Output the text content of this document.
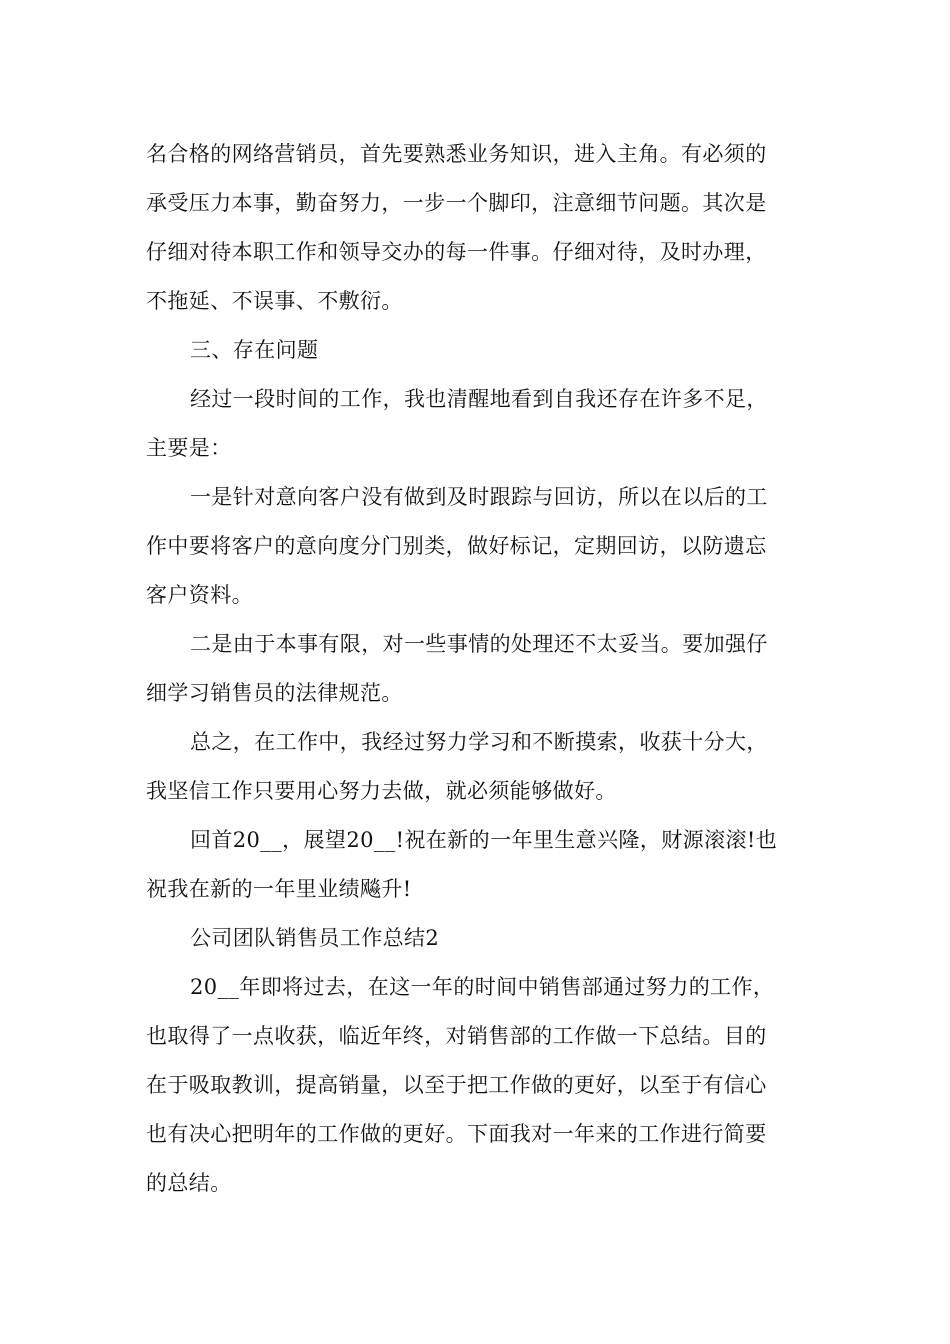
名合格的网络营销员，首先要熟悉业务知识，进入主角。有必须的
承受压力本事，勤奋努力，一步一个脚印，注意细节问题。其次是
仔细对待本职工作和领导交办的每一件事。仔细对待，及时办理，
不拖延、不误事、不敷衍。
三、存在问题
经过一段时间的工作，我也清醒地看到自我还存在许多不足，
主要是：
一是针对意向客户没有做到及时跟踪与回访，所以在以后的工
作中要将客户的意向度分门别类，做好标记，定期回访，以防遗忘
客户资料。
二是由于本事有限，对一些事情的处理还不太妥当。要加强仔
细学习销售员的法律规范。
总之，在工作中，我经过努力学习和不断摸索，收获十分大，
我坚信工作只要用心努力去做，就必须能够做好。
回首20__，展望20__!祝在新的一年里生意兴隆，财源滚滚!也
祝我在新的一年里业绩飚升!
公司团队销售员工作总结2
20__年即将过去，在这一年的时间中销售部通过努力的工作，
也取得了一点收获，临近年终，对销售部的工作做一下总结。目的
在于吸取教训，提高销量，以至于把工作做的更好，以至于有信心
也有决心把明年的工作做的更好。下面我对一年来的工作进行简要
的总结。
